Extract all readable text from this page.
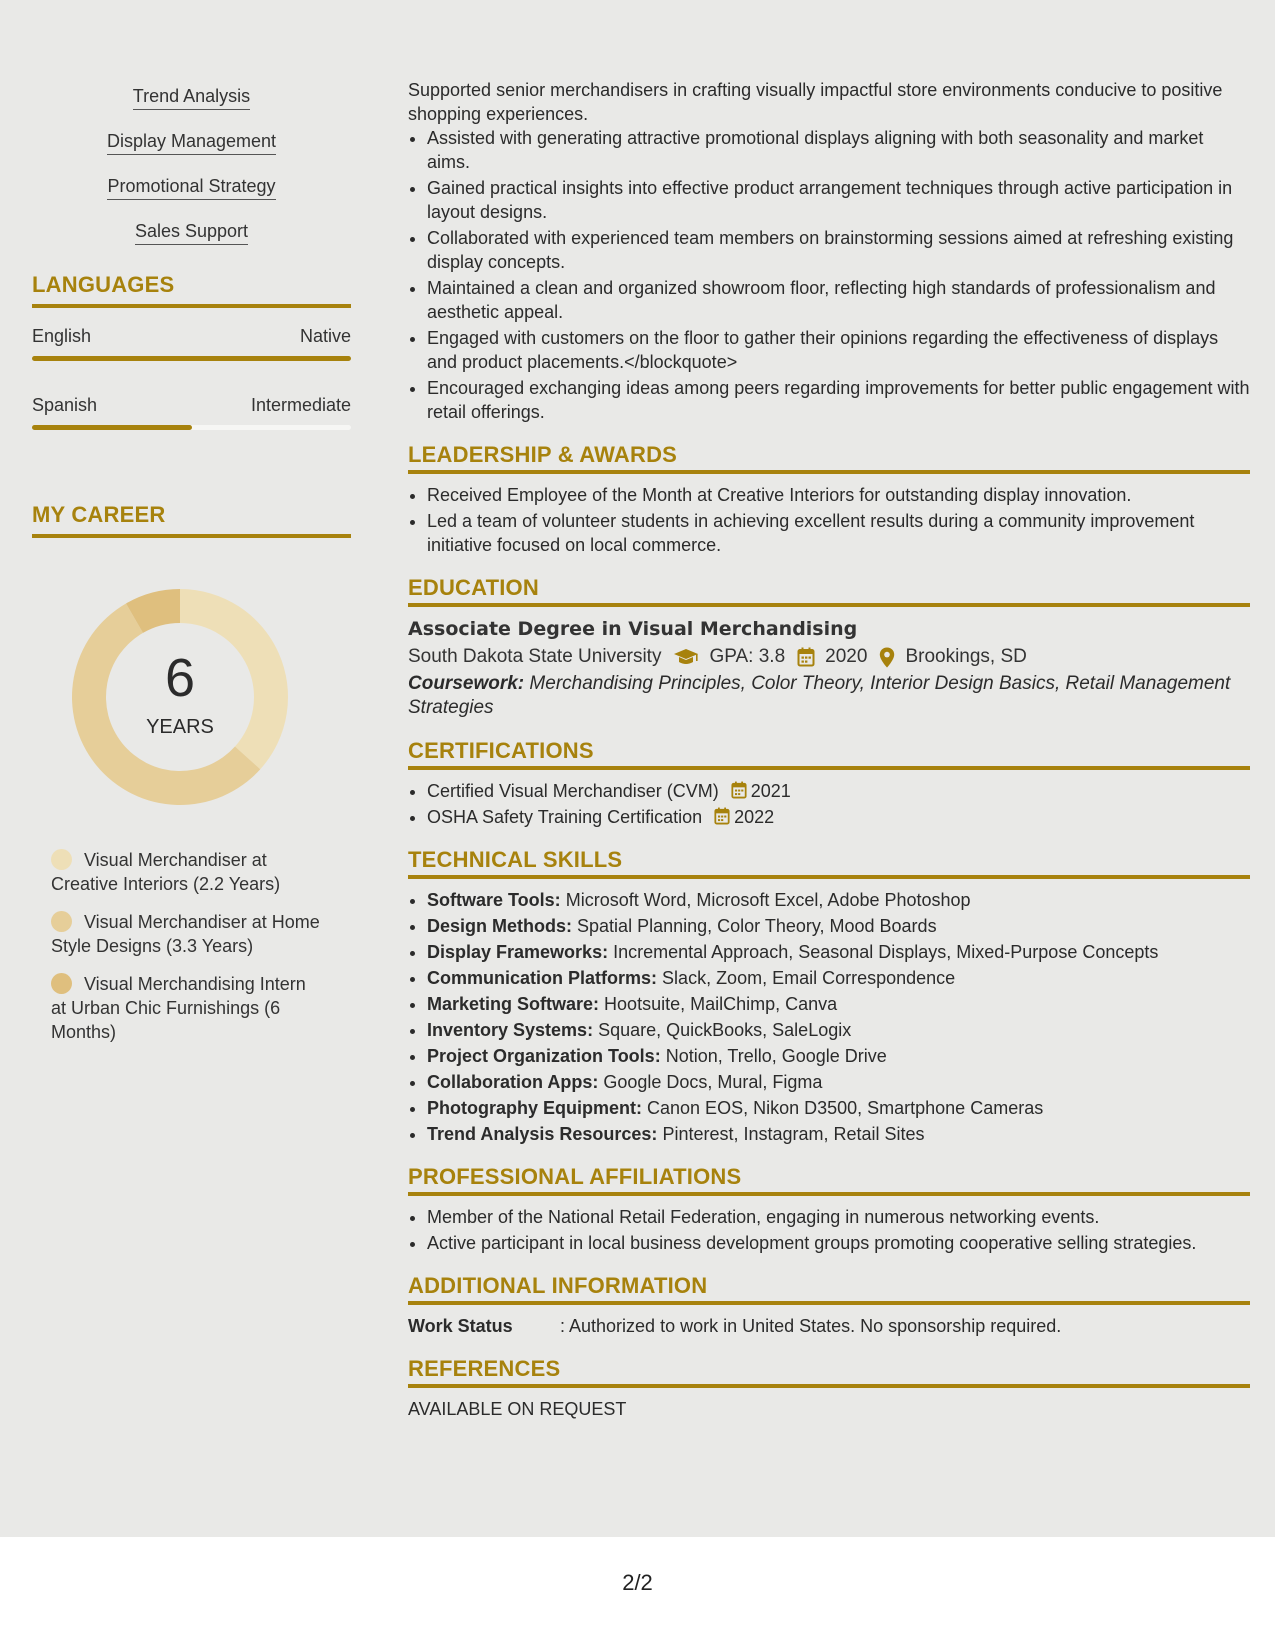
Trend Analysis
Display Management
Promotional Strategy
Sales Support
LANGUAGES
English	Native
Spanish	Intermediate
MY CAREER
6
YEARS
Visual Merchandiser at Creative Interiors (2.2 Years)
Visual Merchandiser at Home Style Designs (3.3 Years)
Visual Merchandising Intern at Urban Chic Furnishings (6 Months)

Supported senior merchandisers in crafting visually impactful store environments conducive to positive shopping experiences.

• Assisted with generating attractive promotional displays aligning with both seasonality and market aims.
• Gained practical insights into effective product arrangement techniques through active participation in layout designs.
• Collaborated with experienced team members on brainstorming sessions aimed at refreshing existing display concepts.
• Maintained a clean and organized showroom floor, reflecting high standards of professionalism and aesthetic appeal.
• Engaged with customers on the floor to gather their opinions regarding the effectiveness of displays and product placements.</blockquote>
• Encouraged exchanging ideas among peers regarding improvements for better public engagement with retail offerings.
LEADERSHIP & AWARDS
• Received Employee of the Month at Creative Interiors for outstanding display innovation.
• Led a team of volunteer students in achieving excellent results during a community improvement initiative focused on local commerce.
EDUCATION
Associate Degree in Visual Merchandising
South Dakota State University	GPA: 3.8 2020 Brookings, SD
Coursework: Merchandising Principles, Color Theory, Interior Design Basics, Retail Management Strategies
CERTIFICATIONS
• Certified Visual Merchandiser (CVM) 2021
• OSHA Safety Training Certification 2022
TECHNICAL SKILLS
• Software Tools: Microsoft Word, Microsoft Excel, Adobe Photoshop
• Design Methods: Spatial Planning, Color Theory, Mood Boards
• Display Frameworks: Incremental Approach, Seasonal Displays, Mixed-Purpose Concepts
• Communication Platforms: Slack, Zoom, Email Correspondence
• Marketing Software: Hootsuite, MailChimp, Canva
• Inventory Systems: Square, QuickBooks, SaleLogix
• Project Organization Tools: Notion, Trello, Google Drive
• Collaboration Apps: Google Docs, Mural, Figma
• Photography Equipment: Canon EOS, Nikon D3500, Smartphone Cameras
• Trend Analysis Resources: Pinterest, Instagram, Retail Sites
PROFESSIONAL AFFILIATIONS
• Member of the National Retail Federation, engaging in numerous networking events.
• Active participant in local business development groups promoting cooperative selling strategies.
ADDITIONAL INFORMATION
Work Status	: Authorized to work in United States. No sponsorship required.
REFERENCES
AVAILABLE ON REQUEST
2/2
